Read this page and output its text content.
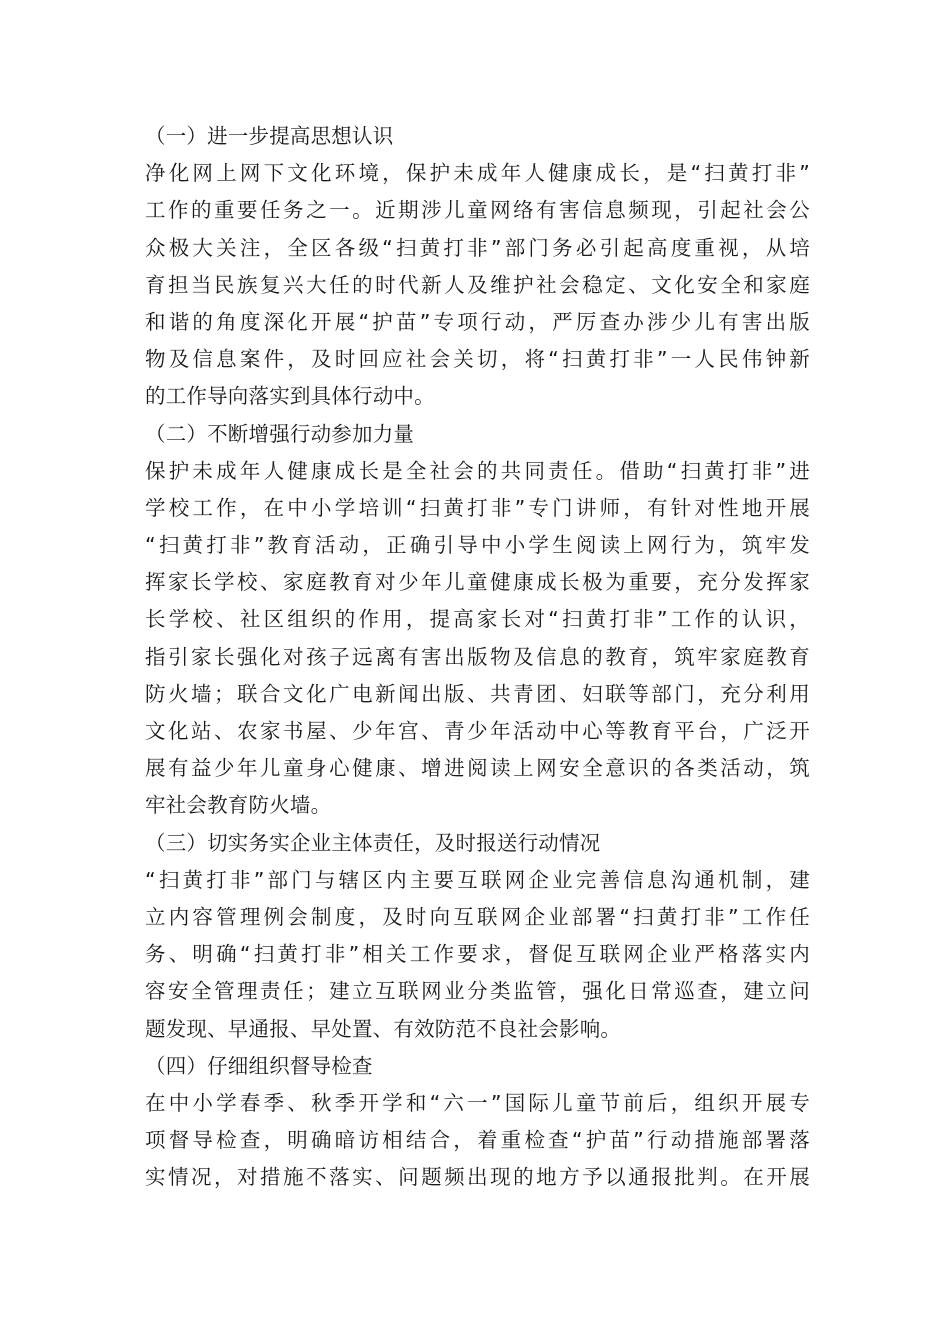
（一）进一步提高思想认识
净化网上网下文化环境，保护未成年人健康成长，是“扫黄打非”
工作的重要任务之一。近期涉儿童网络有害信息频现，引起社会公
众极大关注，全区各级“扫黄打非”部门务必引起高度重视，从培
育担当民族复兴大任的时代新人及维护社会稳定、文化安全和家庭
和谐的角度深化开展“护苗”专项行动，严厉查办涉少儿有害出版
物及信息案件，及时回应社会关切，将“扫黄打非”一人民伟钟新
的工作导向落实到具体行动中。
（二）不断增强行动参加力量
保护未成年人健康成长是全社会的共同责任。借助“扫黄打非”进
学校工作，在中小学培训“扫黄打非”专门讲师，有针对性地开展
“扫黄打非”教育活动，正确引导中小学生阅读上网行为，筑牢发
挥家长学校、家庭教育对少年儿童健康成长极为重要，充分发挥家
长学校、社区组织的作用，提高家长对“扫黄打非”工作的认识，
指引家长强化对孩子远离有害出版物及信息的教育，筑牢家庭教育
防火墙；联合文化广电新闻出版、共青团、妇联等部门，充分利用
文化站、农家书屋、少年宫、青少年活动中心等教育平台，广泛开
展有益少年儿童身心健康、增进阅读上网安全意识的各类活动，筑
牢社会教育防火墙。
（三）切实务实企业主体责任，及时报送行动情况
“扫黄打非”部门与辖区内主要互联网企业完善信息沟通机制，建
立内容管理例会制度，及时向互联网企业部署“扫黄打非”工作任
务、明确“扫黄打非”相关工作要求，督促互联网企业严格落实内
容安全管理责任；建立互联网业分类监管，强化日常巡查，建立问
题发现、早通报、早处置、有效防范不良社会影响。
（四）仔细组织督导检查
在中小学春季、秋季开学和“六一”国际儿童节前后，组织开展专
项督导检查，明确暗访相结合，着重检查“护苗”行动措施部署落
实情况，对措施不落实、问题频出现的地方予以通报批判。在开展
